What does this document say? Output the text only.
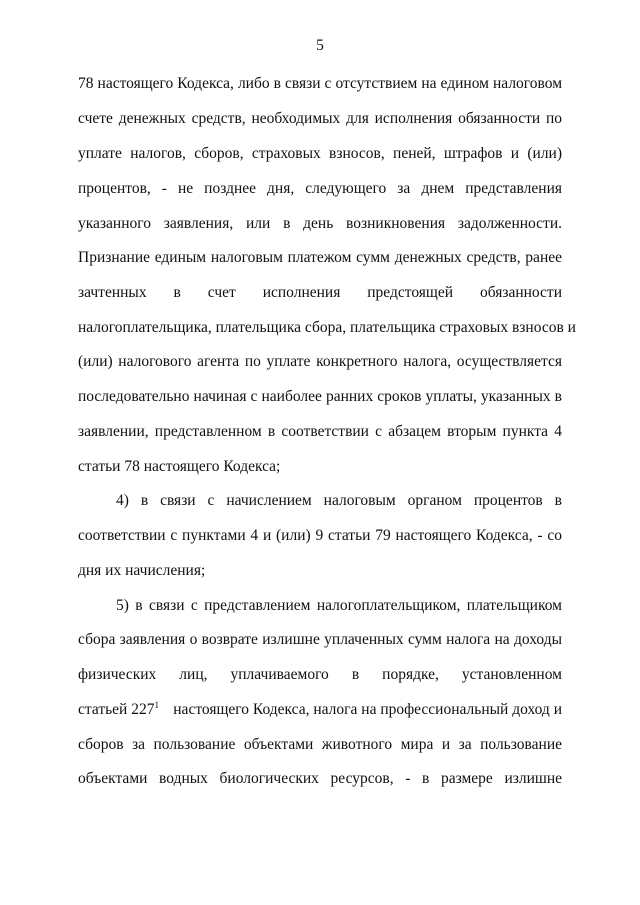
5
78 настоящего Кодекса, либо в связи с отсутствием на едином налоговом
счете денежных средств, необходимых для исполнения обязанности по
уплате налогов, сборов, страховых взносов, пеней, штрафов и (или)
процентов, - не позднее дня, следующего за днем представления
указанного заявления, или в день возникновения задолженности.
Признание единым налоговым платежом сумм денежных средств, ранее
зачтенных в счет исполнения предстоящей обязанности
налогоплательщика, плательщика сбора, плательщика страховых взносов и
(или) налогового агента по уплате конкретного налога, осуществляется
последовательно начиная с наиболее ранних сроков уплаты, указанных в
заявлении, представленном в соответствии с абзацем вторым пункта 4
статьи 78 настоящего Кодекса;
4) в связи с начислением налоговым органом процентов в
соответствии с пунктами 4 и (или) 9 статьи 79 настоящего Кодекса, - со
дня их начисления;
5) в связи с представлением налогоплательщиком, плательщиком
сбора заявления о возврате излишне уплаченных сумм налога на доходы
физических лиц, уплачиваемого в порядке, установленном
статьей $227^1$ настоящего Кодекса, налога на профессиональный доход и
сборов за пользование объектами животного мира и за пользование
объектами водных биологических ресурсов, - в размере излишне
